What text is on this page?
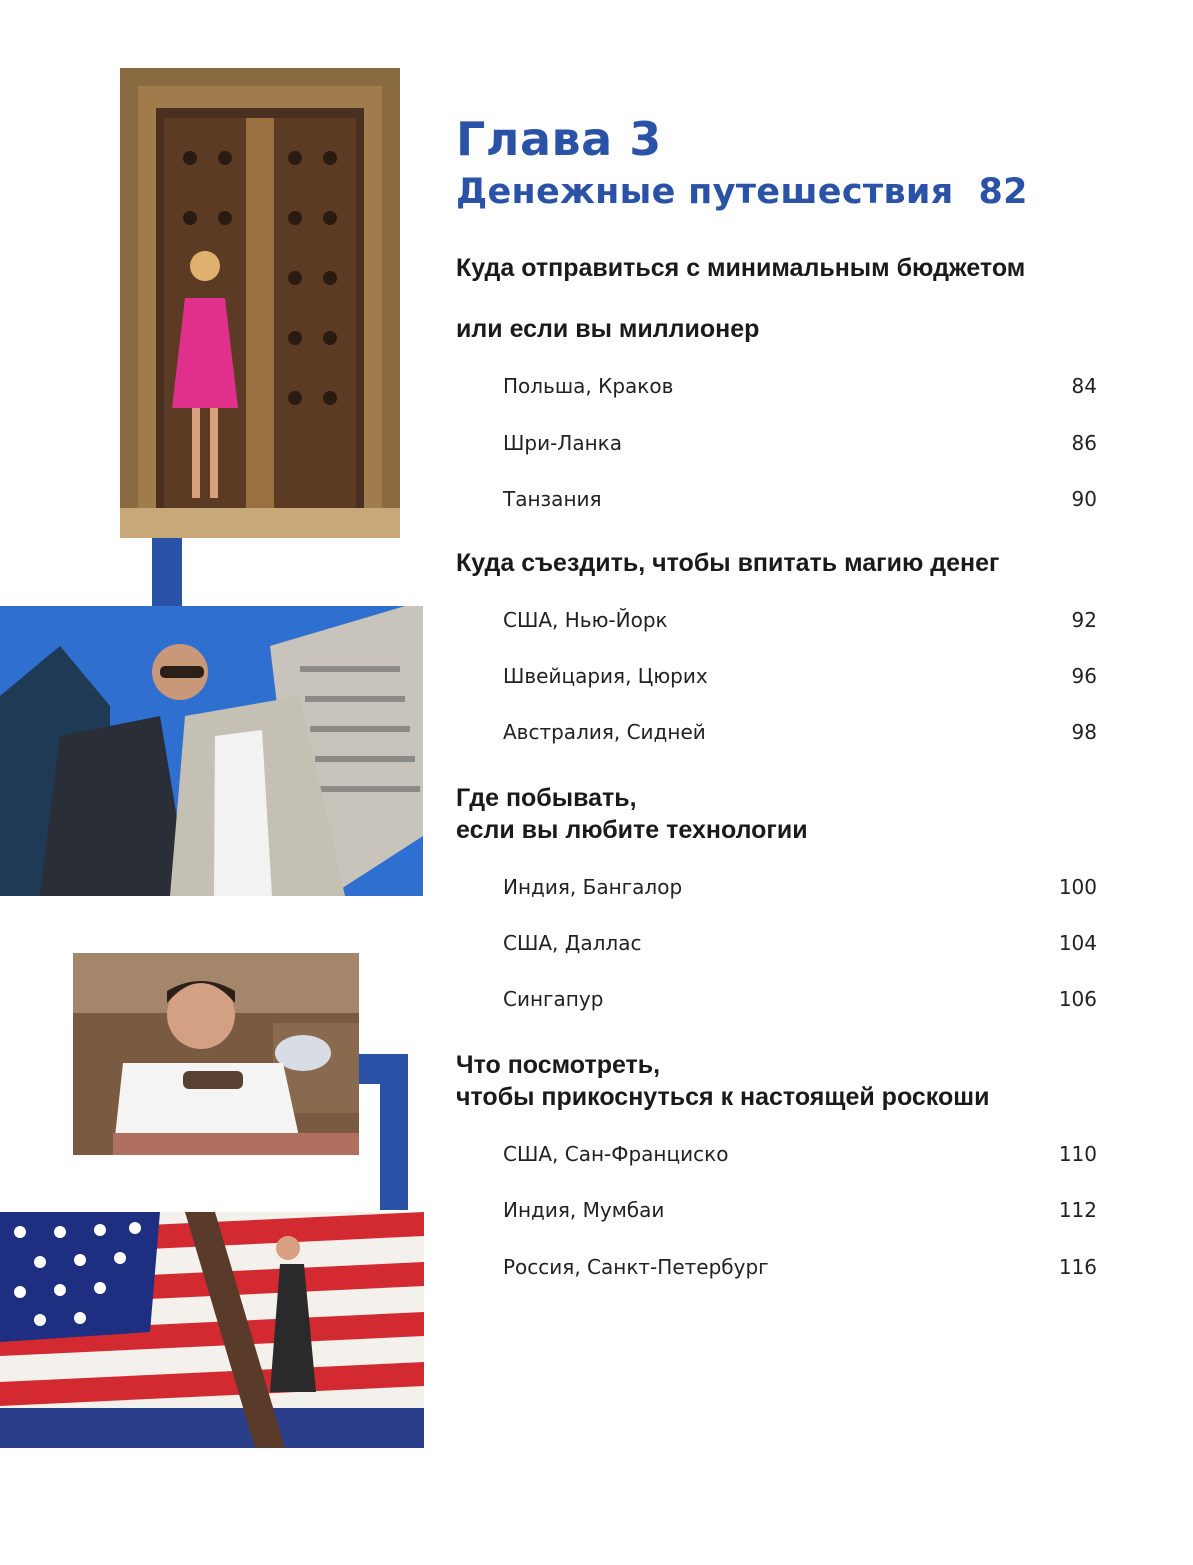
Глава 3
Денежные путешествия  82
Куда отправиться с минимальным бюджетом
или если вы миллионер
Польша, Краков	84
Шри-Ланка	86
Танзания	90
Куда съездить, чтобы впитать магию денег
США, Нью-Йорк	92
Швейцария, Цюрих	96
Австралия, Сидней	98
Где побывать,
если вы любите технологии
Индия, Бангалор	100
США, Даллас	104
Сингапур	106
Что посмотреть,
чтобы прикоснуться к настоящей роскоши
США, Сан-Франциско	110
Индия, Мумбаи	112
Россия, Санкт-Петербург	116
